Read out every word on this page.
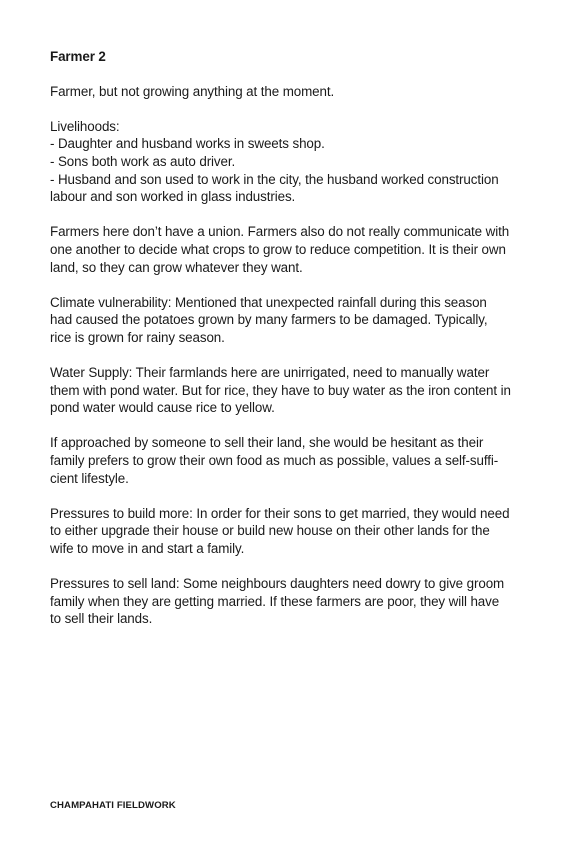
Farmer 2
Farmer, but not growing anything at the moment.
Livelihoods:
- Daughter and husband works in sweets shop.
- Sons both work as auto driver.
- Husband and son used to work in the city, the husband worked construction
labour and son worked in glass industries.
Farmers here don’t have a union. Farmers also do not really communicate with
one another to decide what crops to grow to reduce competition. It is their own
land, so they can grow whatever they want.
Climate vulnerability: Mentioned that unexpected rainfall during this season
had caused the potatoes grown by many farmers to be damaged. Typically,
rice is grown for rainy season.
Water Supply: Their farmlands here are unirrigated, need to manually water
them with pond water. But for rice, they have to buy water as the iron content in
pond water would cause rice to yellow.
If approached by someone to sell their land, she would be hesitant as their
family prefers to grow their own food as much as possible, values a self-suffi-
cient lifestyle.
Pressures to build more: In order for their sons to get married, they would need
to either upgrade their house or build new house on their other lands for the
wife to move in and start a family.
Pressures to sell land: Some neighbours daughters need dowry to give groom
family when they are getting married. If these farmers are poor, they will have
to sell their lands.
CHAMPAHATI FIELDWORK
